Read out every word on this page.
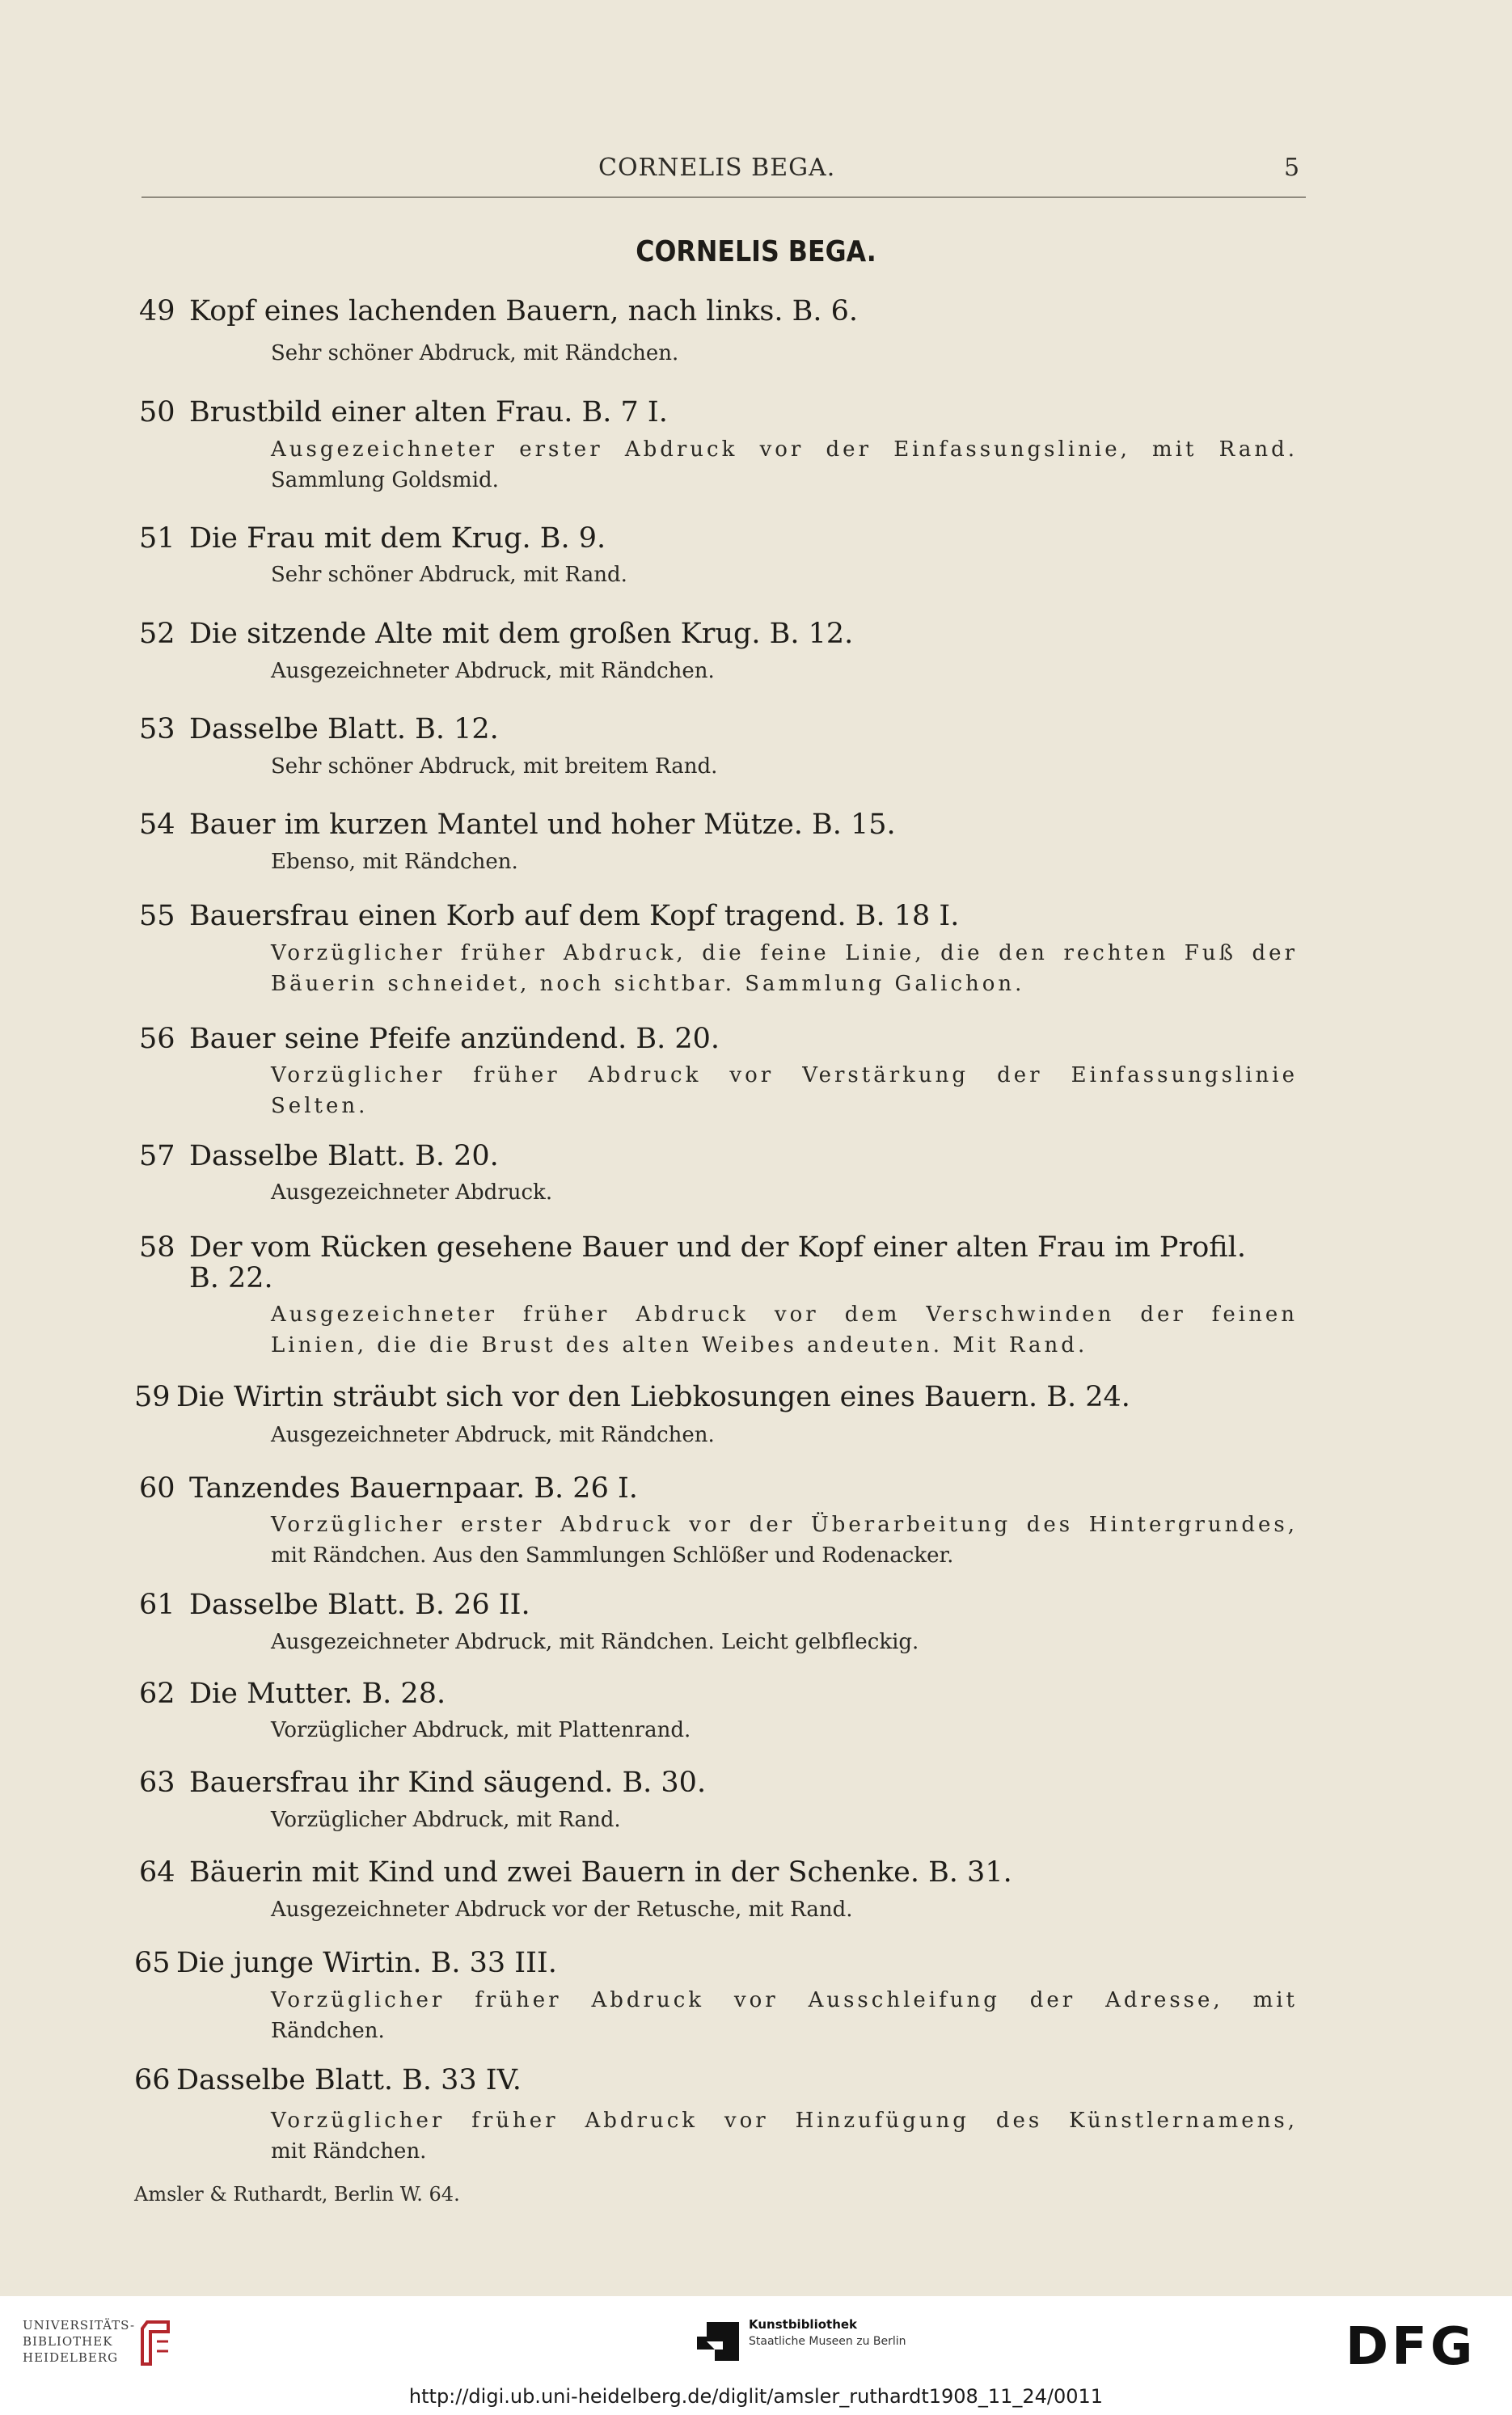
CORNELIS BEGA.	5
CORNELIS BEGA.
49 Kopf eines lachenden Bauern, nach links. B. 6.
Sehr schöner Abdruck, mit Rändchen.
50 Brustbild einer alten Frau. B. 7 I.
Ausgezeichneter erster Abdruck vor der Einfassungslinie, mit Rand.
Sammlung Goldsmid.
51 Die Frau mit dem Krug. B. 9.
Sehr schöner Abdruck, mit Rand.
52 Die sitzende Alte mit dem großen Krug. B. 12.
Ausgezeichneter Abdruck, mit Rändchen.
53 Dasselbe Blatt. B. 12.
Sehr schöner Abdruck, mit breitem Rand.
54 Bauer im kurzen Mantel und hoher Mütze. B. 15.
Ebenso, mit Rändchen.
55 Bauersfrau einen Korb auf dem Kopf tragend. B. 18 I.
Vorzüglicher früher Abdruck, die feine Linie, die den rechten Fuß der
Bäuerin schneidet, noch sichtbar. Sammlung Galichon.
56 Bauer seine Pfeife anzündend. B. 20.
Vorzüglicher früher Abdruck vor Verstärkung der Einfassungslinie
Selten.
57 Dasselbe Blatt. B. 20.
Ausgezeichneter Abdruck.
58 Der vom Rücken gesehene Bauer und der Kopf einer alten Frau im Profil.
B. 22.
Ausgezeichneter früher Abdruck vor dem Verschwinden der feinen
Linien, die die Brust des alten Weibes andeuten. Mit Rand.
59 Die Wirtin sträubt sich vor den Liebkosungen eines Bauern. B. 24.
Ausgezeichneter Abdruck, mit Rändchen.
60 Tanzendes Bauernpaar. B. 26 I.
Vorzüglicher erster Abdruck vor der Überarbeitung des Hintergrundes,
mit Rändchen. Aus den Sammlungen Schlößer und Rodenacker.
61 Dasselbe Blatt. B. 26 II.
Ausgezeichneter Abdruck, mit Rändchen. Leicht gelbfleckig.
62 Die Mutter. B. 28.
Vorzüglicher Abdruck, mit Plattenrand.
63 Bauersfrau ihr Kind säugend. B. 30.
Vorzüglicher Abdruck, mit Rand.
64 Bäuerin mit Kind und zwei Bauern in der Schenke. B. 31.
Ausgezeichneter Abdruck vor der Retusche, mit Rand.
65 Die junge Wirtin. B. 33 III.
Vorzüglicher früher Abdruck vor Ausschleifung der Adresse, mit
Rändchen.
66 Dasselbe Blatt. B. 33 IV.
Vorzüglicher früher Abdruck vor Hinzufügung des Künstlernamens,
mit Rändchen.
Amsler & Ruthardt, Berlin W. 64.
UNIVERSITÄTS-
BIBLIOTHEK
HEIDELBERG
Kunstbibliothek
Staatliche Museen zu Berlin	DFG
http://digi.ub.uni-heidelberg.de/diglit/amsler_ruthardt1908_11_24/0011
